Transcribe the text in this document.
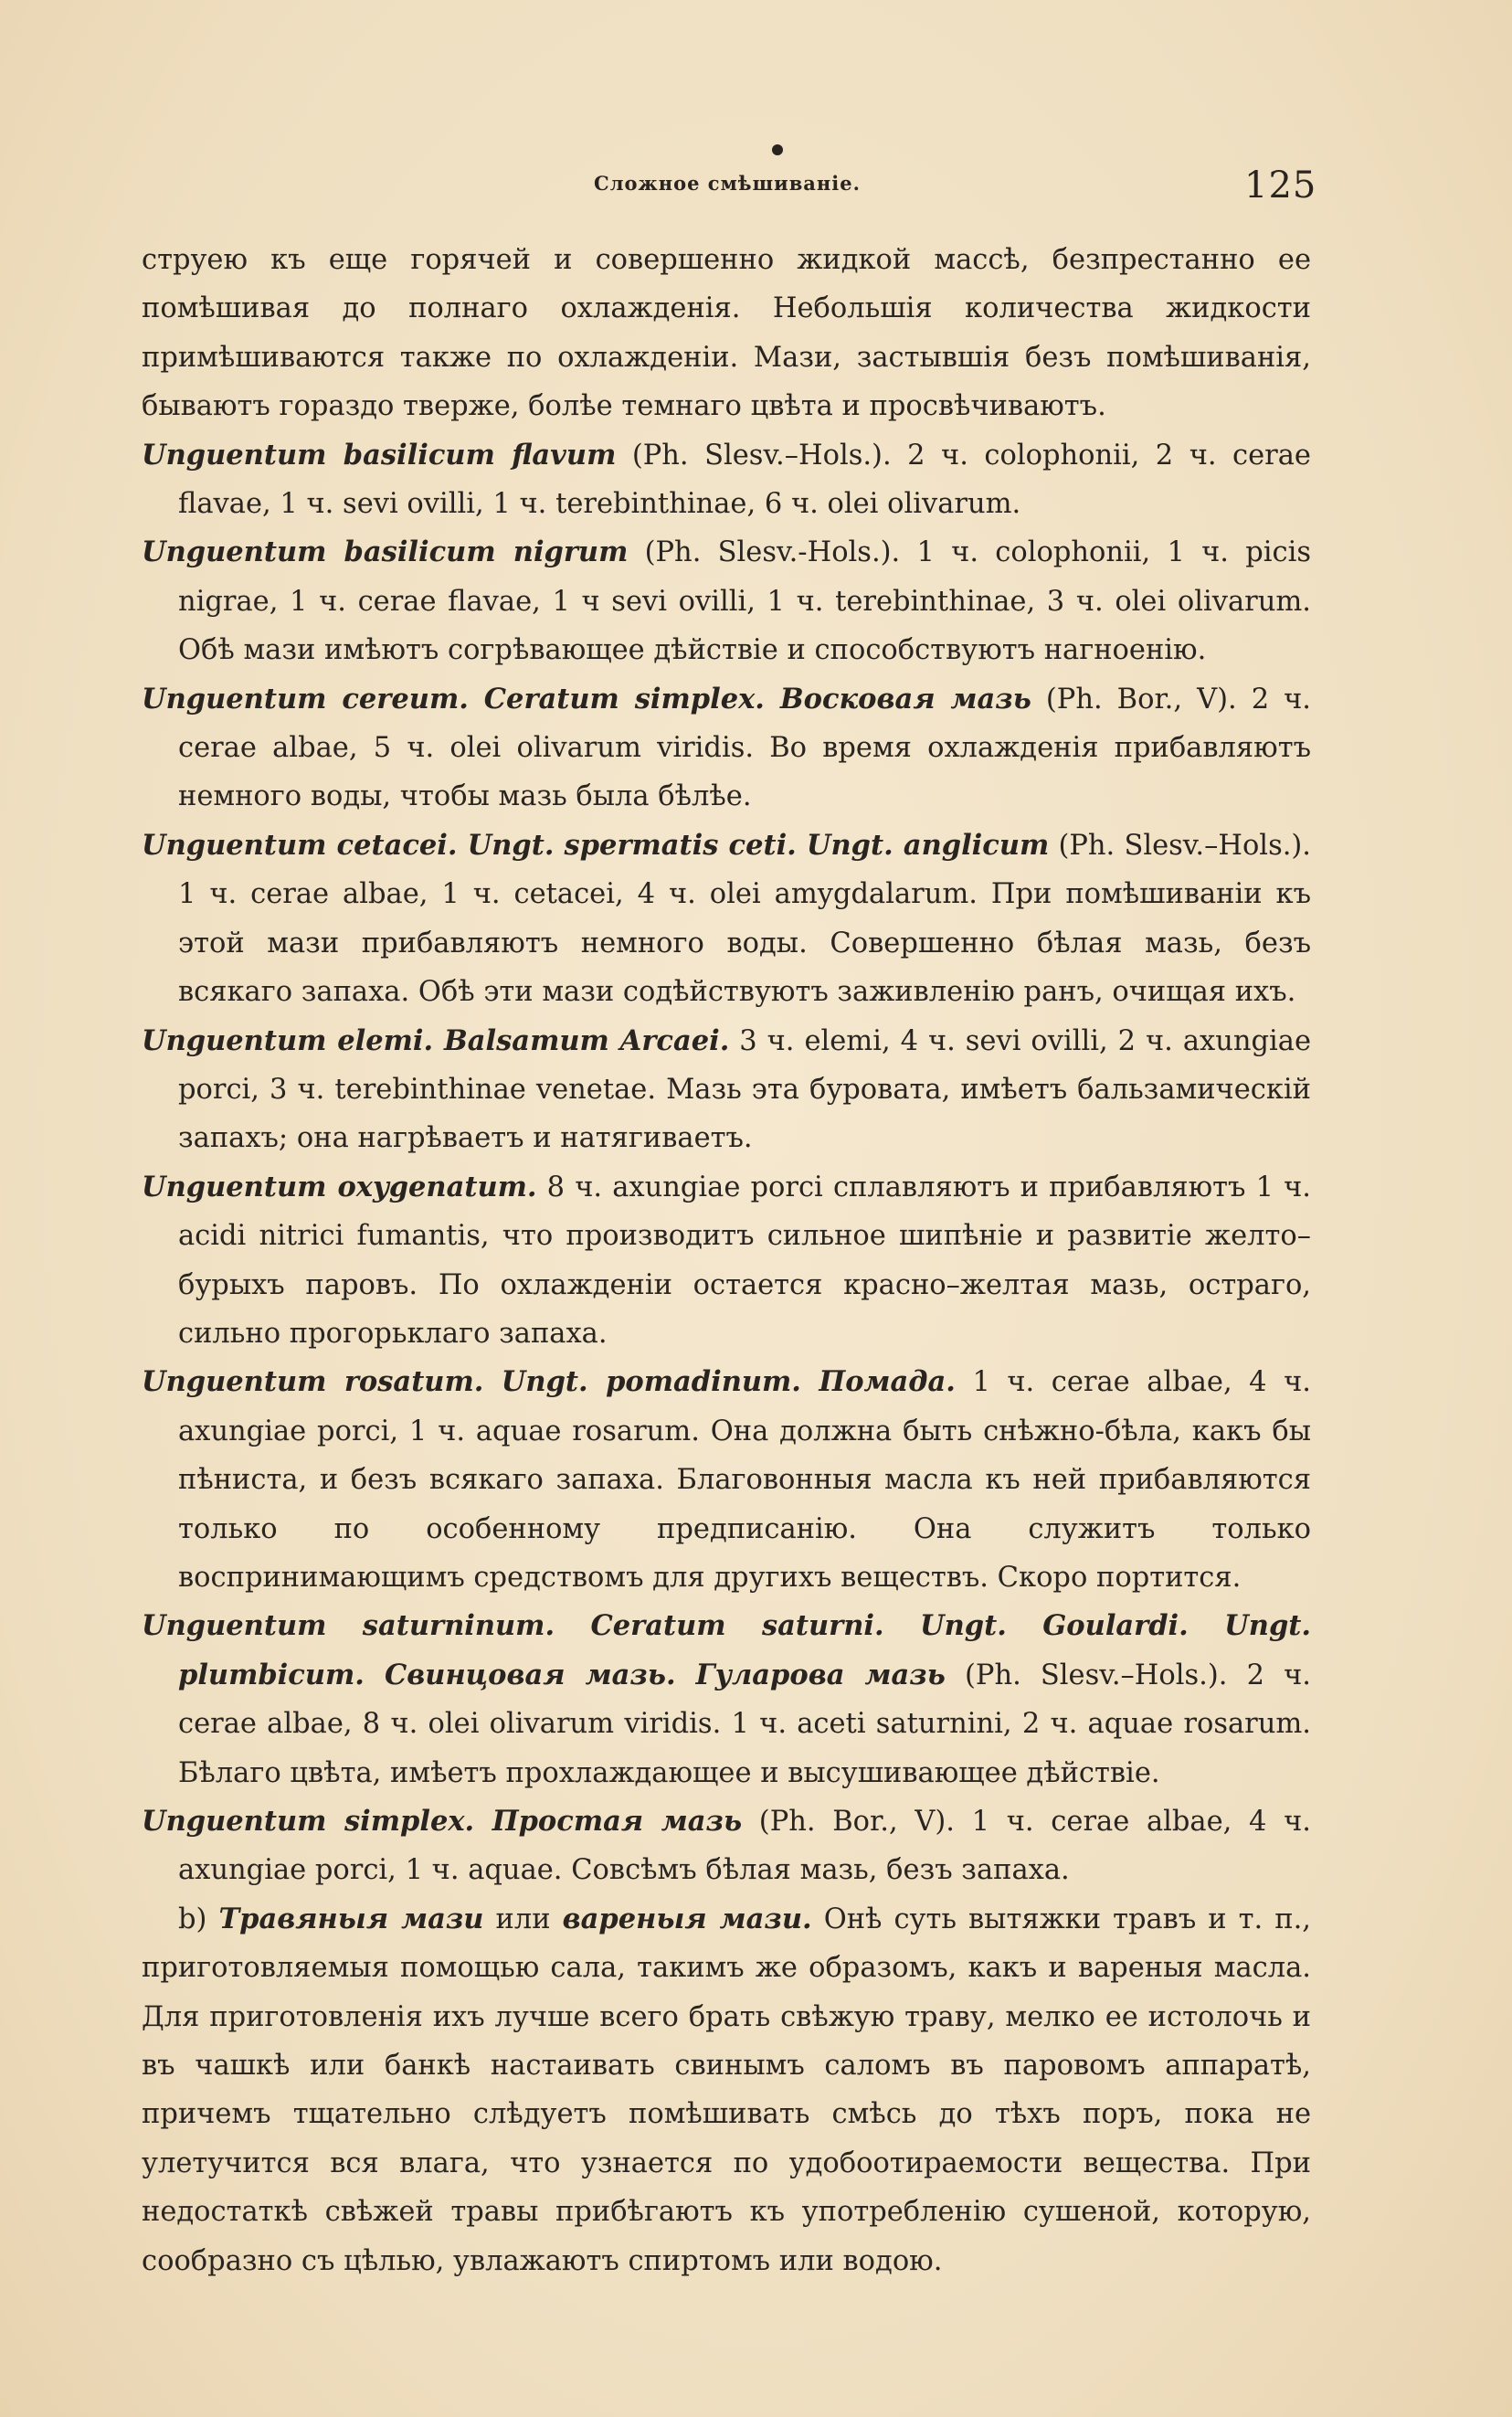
Сложное смѣшиваніе.	125

струею къ еще горячей и совершенно жидкой массѣ, безпрестанно ее помѣшивая до полнаго охлажденія. Небольшія количества жидкости примѣшиваются также по охлажденіи. Мази, застывшія безъ помѣшиванія, бываютъ гораздо тверже, болѣе темнаго цвѣта и просвѣчиваютъ.

Unguentum basilicum flavum (Ph. Slesv.–Hols.). 2 ч. colophonii, 2 ч. cerae flavae, 1 ч. sevi ovilli, 1 ч. terebinthinae, 6 ч. olei olivarum.

Unguentum basilicum nigrum (Ph. Slesv.-Hols.). 1 ч. colophonii, 1 ч. picis nigrae, 1 ч. cerae flavae, 1 ч sevi ovilli, 1 ч. terebinthinae, 3 ч. olei olivarum. Обѣ мази имѣютъ согрѣвающее дѣйствіе и способствуютъ нагноенію.

Unguentum cereum. Ceratum simplex. Восковая мазь (Ph. Bor., V). 2 ч. cerae albae, 5 ч. olei olivarum viridis. Во время охлажденія прибавляютъ немного воды, чтобы мазь была бѣлѣе.

Unguentum cetacei. Ungt. spermatis ceti. Ungt. anglicum (Ph. Slesv.–Hols.). 1 ч. cerae albae, 1 ч. cetacei, 4 ч. olei amygdalarum. При помѣшиваніи къ этой мази прибавляютъ немного воды. Совершенно бѣлая мазь, безъ всякаго запаха. Обѣ эти мази содѣйствуютъ заживленію ранъ, очищая ихъ.

Unguentum elemi. Balsamum Arcaei. 3 ч. elemi, 4 ч. sevi ovilli, 2 ч. axungiae porci, 3 ч. terebinthinae venetae. Мазь эта буровата, имѣетъ бальзамическій запахъ; она нагрѣваетъ и натягиваетъ.

Unguentum oxygenatum. 8 ч. axungiae porci сплавляютъ и прибавляютъ 1 ч. acidi nitrici fumantis, что производитъ сильное шипѣніе и развитіе желто–бурыхъ паровъ. По охлажденіи остается красно–желтая мазь, остраго, сильно прогорьклаго запаха.

Unguentum rosatum. Ungt. pomadinum. Помада. 1 ч. cerae albae, 4 ч. axungiae porci, 1 ч. aquae rosarum. Она должна быть снѣжно-бѣла, какъ бы пѣниста, и безъ всякаго запаха. Благовонныя масла къ ней прибавляются только по особенному предписанію. Она служитъ только воспринимающимъ средствомъ для другихъ веществъ. Скоро портится.

Unguentum saturninum. Ceratum saturni. Ungt. Goulardi. Ungt. plumbicum. Свинцовая мазь. Гуларова мазь (Ph. Slesv.–Hols.). 2 ч. cerae albae, 8 ч. olei olivarum viridis. 1 ч. aceti saturnini, 2 ч. aquae rosarum. Бѣлаго цвѣта, имѣетъ прохлаждающее и высушивающее дѣйствіе.

Unguentum simplex. Простая мазь (Ph. Bor., V). 1 ч. cerae albae, 4 ч. axungiae porci, 1 ч. aquae. Совсѣмъ бѣлая мазь, безъ запаха.

b) Травяныя мази или вареныя мази. Онѣ суть вытяжки травъ и т. п., приготовляемыя помощью сала, такимъ же образомъ, какъ и вареныя масла. Для приготовленія ихъ лучше всего брать свѣжую траву, мелко ее истолочь и въ чашкѣ или банкѣ настаивать свинымъ саломъ въ паровомъ аппаратѣ, причемъ тщательно слѣдуетъ помѣшивать смѣсь до тѣхъ поръ, пока не улетучится вся влага, что узнается по удобоотираемости вещества. При недостаткѣ свѣжей травы прибѣгаютъ къ употребленію сушеной, которую, сообразно съ цѣлью, увлажаютъ спиртомъ или водою.
